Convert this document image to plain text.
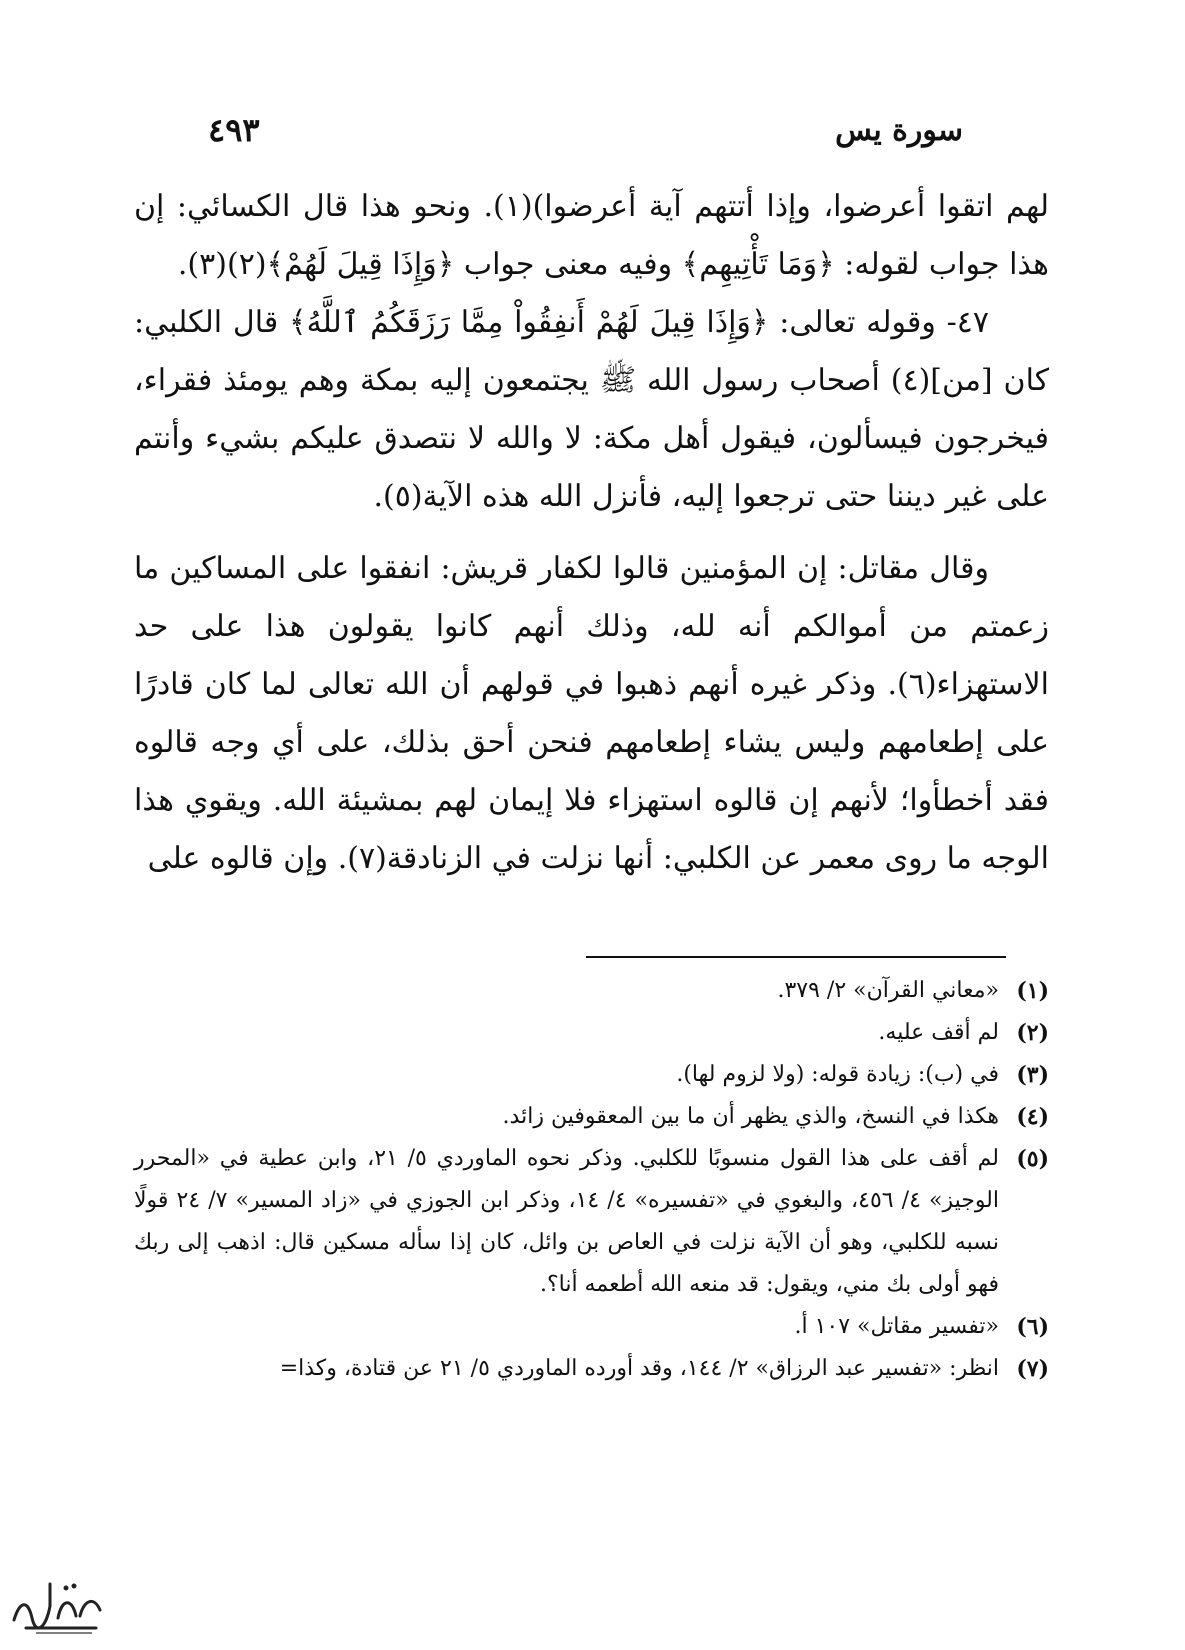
سورة يس
٤٩٣

لهم اتقوا أعرضوا، وإذا أتتهم آية أعرضوا)(١). ونحو هذا قال الكسائي: إن هذا جواب لقوله: ﴿وَمَا تَأْتِيهِم﴾ وفيه معنى جواب ﴿وَإِذَا قِيلَ لَهُمْ﴾(٢)(٣).

٤٧- وقوله تعالى: ﴿وَإِذَا قِيلَ لَهُمْ أَنفِقُواْ مِمَّا رَزَقَكُمُ ٱللَّهُ﴾ قال الكلبي: كان [من](٤) أصحاب رسول الله ﷺ يجتمعون إليه بمكة وهم يومئذ فقراء، فيخرجون فيسألون، فيقول أهل مكة: لا والله لا نتصدق عليكم بشيء وأنتم على غير ديننا حتى ترجعوا إليه، فأنزل الله هذه الآية(٥).

وقال مقاتل: إن المؤمنين قالوا لكفار قريش: انفقوا على المساكين ما زعمتم من أموالكم أنه لله، وذلك أنهم كانوا يقولون هذا على حد الاستهزاء(٦). وذكر غيره أنهم ذهبوا في قولهم أن الله تعالى لما كان قادرًا على إطعامهم وليس يشاء إطعامهم فنحن أحق بذلك، على أي وجه قالوه فقد أخطأوا؛ لأنهم إن قالوه استهزاء فلا إيمان لهم بمشيئة الله. ويقوي هذا الوجه ما روى معمر عن الكلبي: أنها نزلت في الزنادقة(٧). وإن قالوه على

(١)
«معاني القرآن» ٢/ ٣٧٩.
(٢)
لم أقف عليه.
(٣)
في (ب): زيادة قوله: (ولا لزوم لها).
(٤)
هكذا في النسخ، والذي يظهر أن ما بين المعقوفين زائد.
(٥)
لم أقف على هذا القول منسوبًا للكلبي. وذكر نحوه الماوردي ٥/ ٢١، وابن عطية في «المحرر الوجيز» ٤/ ٤٥٦، والبغوي في «تفسيره» ٤/ ١٤، وذكر ابن الجوزي في «زاد المسير» ٧/ ٢٤ قولًا نسبه للكلبي، وهو أن الآية نزلت في العاص بن وائل، كان إذا سأله مسكين قال: اذهب إلى ربك فهو أولى بك مني، ويقول: قد منعه الله أطعمه أنا؟.
(٦)
«تفسير مقاتل» ١٠٧ أ.
(٧)
انظر: «تفسير عبد الرزاق» ٢/ ١٤٤، وقد أورده الماوردي ٥/ ٢١ عن قتادة، وكذا=
